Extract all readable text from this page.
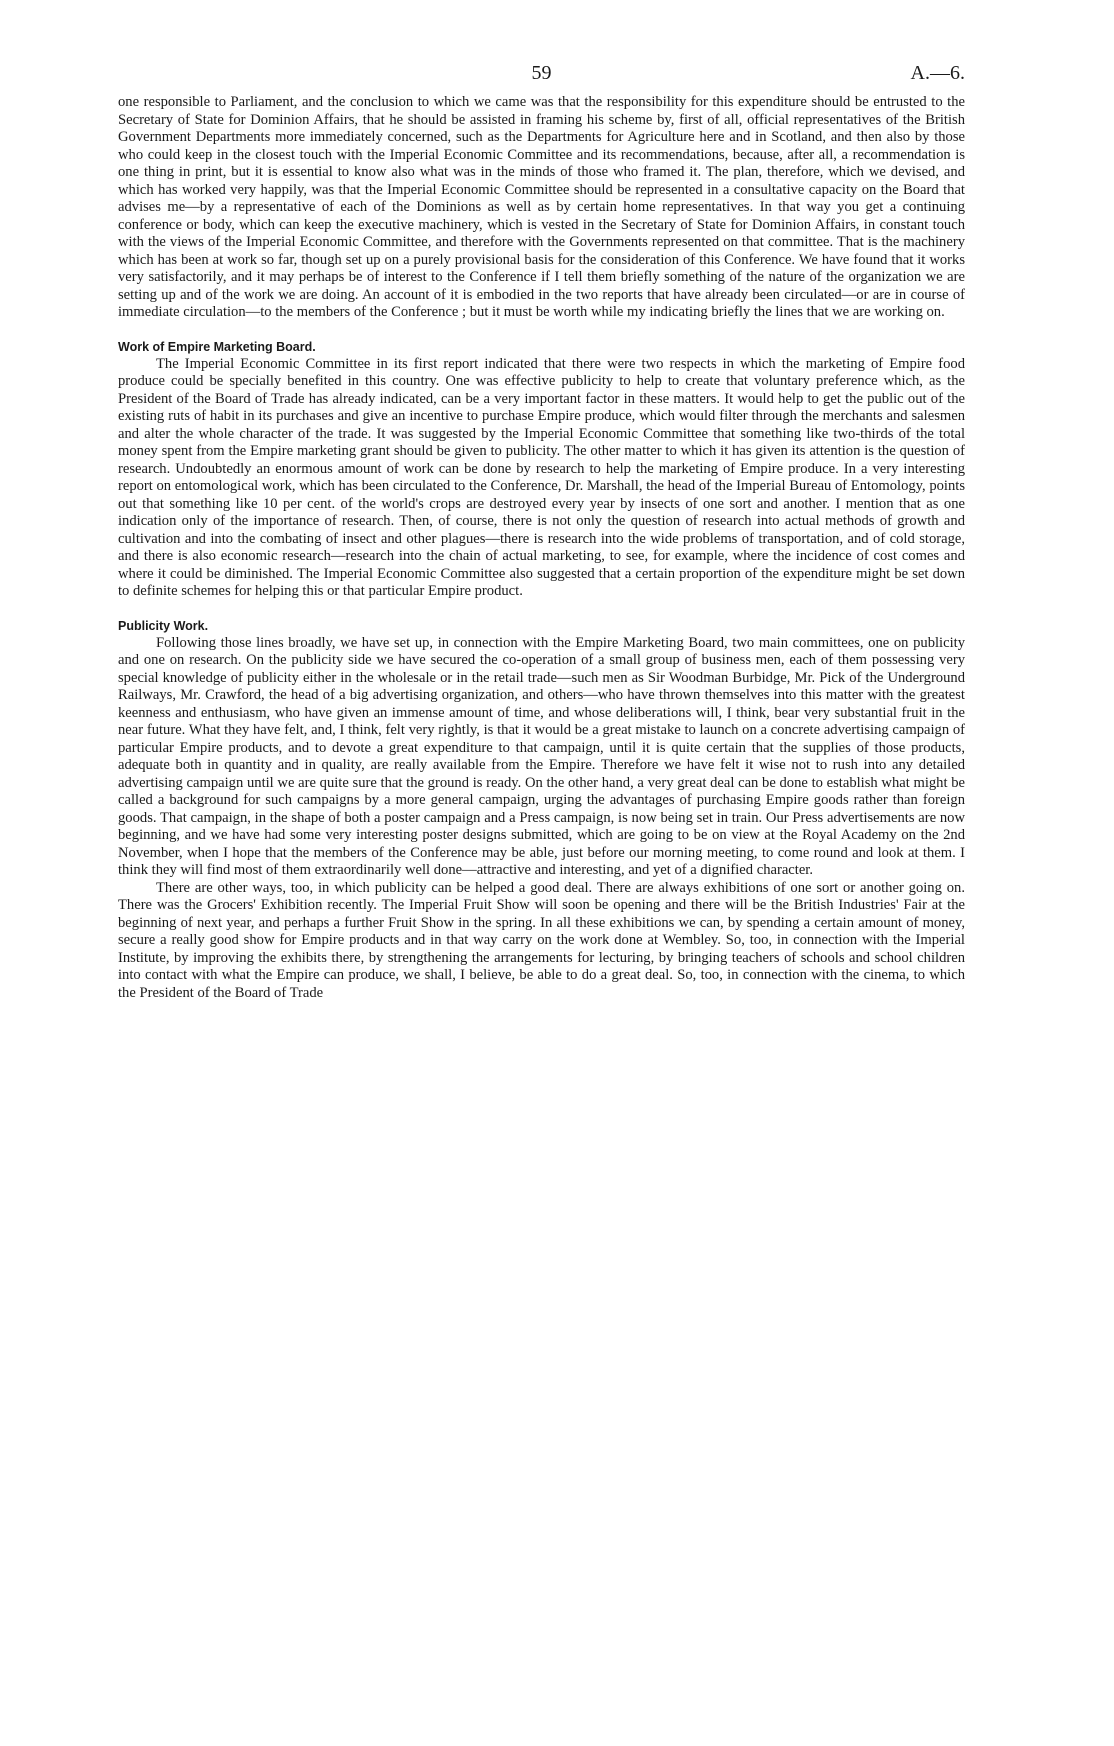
59	A.—6.

one responsible to Parliament, and the conclusion to which we came was that the responsibility for this expenditure should be entrusted to the Secretary of State for Dominion Affairs, that he should be assisted in framing his scheme by, first of all, official representatives of the British Government Departments more immediately concerned, such as the Departments for Agriculture here and in Scotland, and then also by those who could keep in the closest touch with the Imperial Economic Committee and its recommendations, because, after all, a recommendation is one thing in print, but it is essential to know also what was in the minds of those who framed it. The plan, therefore, which we devised, and which has worked very happily, was that the Imperial Economic Committee should be represented in a consultative capacity on the Board that advises me—by a representative of each of the Dominions as well as by certain home representatives. In that way you get a continuing conference or body, which can keep the executive machinery, which is vested in the Secretary of State for Dominion Affairs, in constant touch with the views of the Imperial Economic Committee, and therefore with the Governments represented on that committee. That is the machinery which has been at work so far, though set up on a purely provisional basis for the consideration of this Conference. We have found that it works very satisfactorily, and it may perhaps be of interest to the Conference if I tell them briefly something of the nature of the organization we are setting up and of the work we are doing. An account of it is embodied in the two reports that have already been circulated—or are in course of immediate circulation—to the members of the Conference ; but it must be worth while my indicating briefly the lines that we are working on.

Work of Empire Marketing Board.

The Imperial Economic Committee in its first report indicated that there were two respects in which the marketing of Empire food produce could be specially benefited in this country. One was effective publicity to help to create that voluntary preference which, as the President of the Board of Trade has already indicated, can be a very important factor in these matters. It would help to get the public out of the existing ruts of habit in its purchases and give an incentive to purchase Empire produce, which would filter through the merchants and salesmen and alter the whole character of the trade. It was suggested by the Imperial Economic Committee that something like two-thirds of the total money spent from the Empire marketing grant should be given to publicity. The other matter to which it has given its attention is the question of research. Undoubtedly an enormous amount of work can be done by research to help the marketing of Empire produce. In a very interesting report on entomological work, which has been circulated to the Conference, Dr. Marshall, the head of the Imperial Bureau of Entomology, points out that something like 10 per cent. of the world's crops are destroyed every year by insects of one sort and another. I mention that as one indication only of the importance of research. Then, of course, there is not only the question of research into actual methods of growth and cultivation and into the combating of insect and other plagues—there is research into the wide problems of transportation, and of cold storage, and there is also economic research—research into the chain of actual marketing, to see, for example, where the incidence of cost comes and where it could be diminished. The Imperial Economic Committee also suggested that a certain proportion of the expenditure might be set down to definite schemes for helping this or that particular Empire product.

Publicity Work.

Following those lines broadly, we have set up, in connection with the Empire Marketing Board, two main committees, one on publicity and one on research. On the publicity side we have secured the co-operation of a small group of business men, each of them possessing very special knowledge of publicity either in the wholesale or in the retail trade—such men as Sir Woodman Burbidge, Mr. Pick of the Underground Railways, Mr. Crawford, the head of a big advertising organization, and others—who have thrown themselves into this matter with the greatest keenness and enthusiasm, who have given an immense amount of time, and whose deliberations will, I think, bear very substantial fruit in the near future. What they have felt, and, I think, felt very rightly, is that it would be a great mistake to launch on a concrete advertising campaign of particular Empire products, and to devote a great expenditure to that campaign, until it is quite certain that the supplies of those products, adequate both in quantity and in quality, are really available from the Empire. Therefore we have felt it wise not to rush into any detailed advertising campaign until we are quite sure that the ground is ready. On the other hand, a very great deal can be done to establish what might be called a background for such campaigns by a more general campaign, urging the advantages of purchasing Empire goods rather than foreign goods. That campaign, in the shape of both a poster campaign and a Press campaign, is now being set in train. Our Press advertisements are now beginning, and we have had some very interesting poster designs submitted, which are going to be on view at the Royal Academy on the 2nd November, when I hope that the members of the Conference may be able, just before our morning meeting, to come round and look at them. I think they will find most of them extraordinarily well done—attractive and interesting, and yet of a dignified character.

There are other ways, too, in which publicity can be helped a good deal. There are always exhibitions of one sort or another going on. There was the Grocers' Exhibition recently. The Imperial Fruit Show will soon be opening and there will be the British Industries' Fair at the beginning of next year, and perhaps a further Fruit Show in the spring. In all these exhibitions we can, by spending a certain amount of money, secure a really good show for Empire products and in that way carry on the work done at Wembley. So, too, in connection with the Imperial Institute, by improving the exhibits there, by strengthening the arrangements for lecturing, by bringing teachers of schools and school children into contact with what the Empire can produce, we shall, I believe, be able to do a great deal. So, too, in connection with the cinema, to which the President of the Board of Trade
